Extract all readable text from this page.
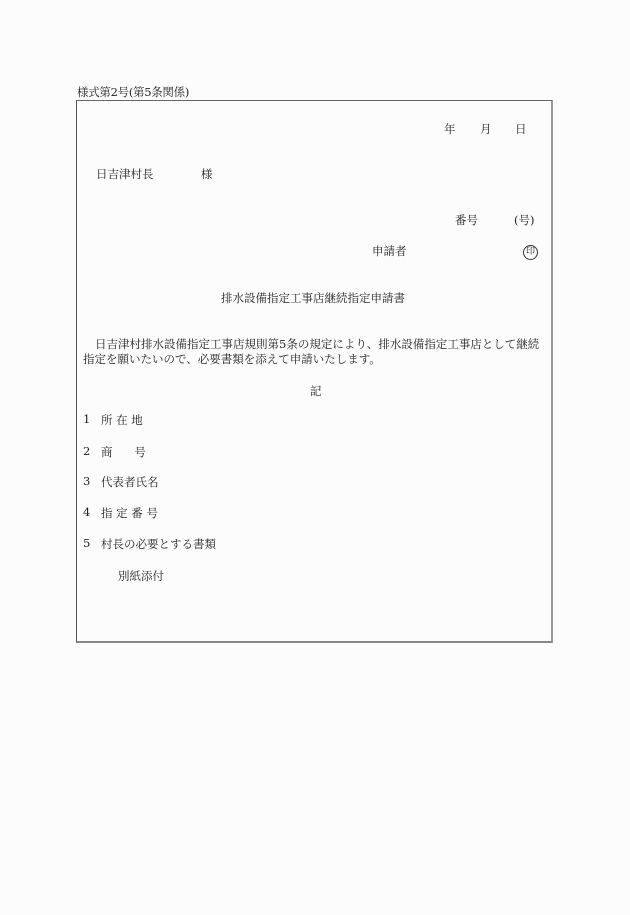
様式第2号(第5条関係)
年 月 日
日吉津村長	様
番号	(号)
申請者	印
排水設備指定工事店継続指定申請書
日吉津村排水設備指定工事店規則第5条の規定により、排水設備指定工事店として継続
指定を願いたいので、必要書類を添えて申請いたします。
記
1 所 在 地
2 商      号
3 代表者氏名
4 指 定 番 号
5 村長の必要とする書類
別紙添付
